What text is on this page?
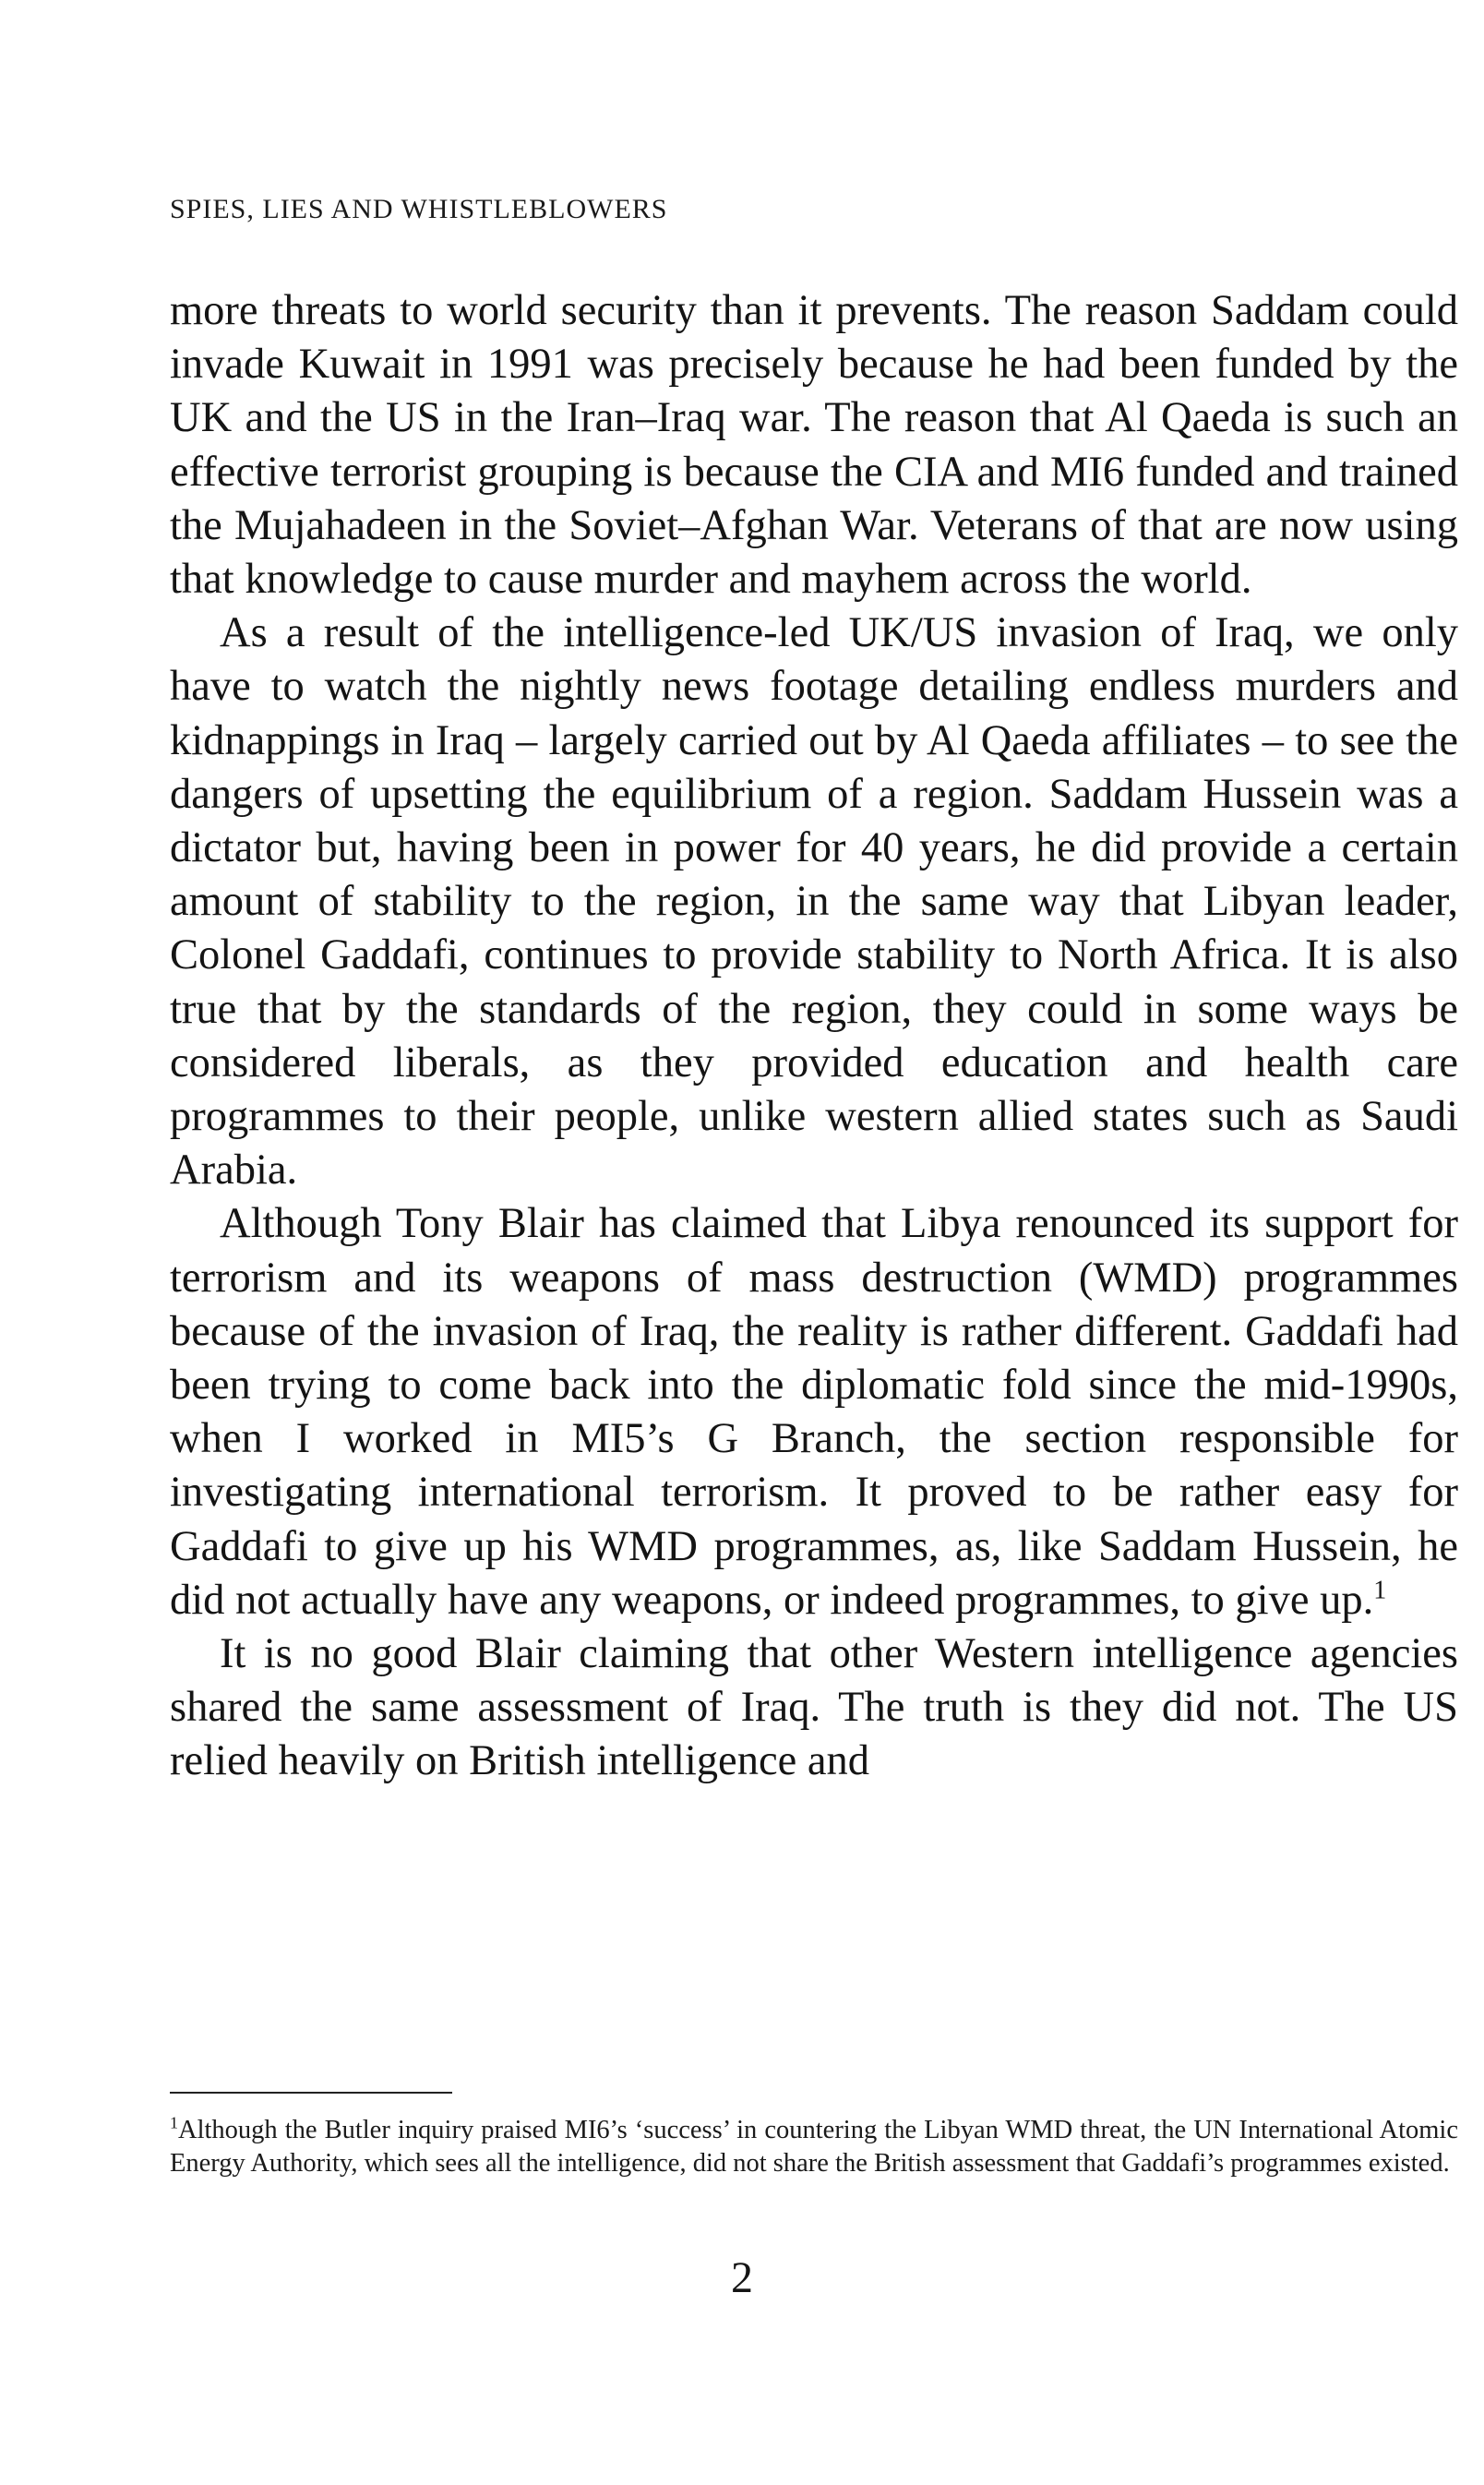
SPIES, LIES AND WHISTLEBLOWERS

more threats to world security than it prevents. The reason Saddam could invade Kuwait in 1991 was precisely because he had been funded by the UK and the US in the Iran–Iraq war. The reason that Al Qaeda is such an effective terrorist grouping is because the CIA and MI6 funded and trained the Mujahadeen in the Soviet–Afghan War. Veterans of that are now using that knowledge to cause murder and mayhem across the world.

As a result of the intelligence-led UK/US invasion of Iraq, we only have to watch the nightly news footage detailing endless murders and kidnappings in Iraq – largely carried out by Al Qaeda affiliates – to see the dangers of upsetting the equilibrium of a region. Saddam Hussein was a dictator but, having been in power for 40 years, he did provide a certain amount of stability to the region, in the same way that Libyan leader, Colonel Gaddafi, continues to provide stability to North Africa. It is also true that by the standards of the region, they could in some ways be considered liberals, as they provided education and health care programmes to their people, unlike western allied states such as Saudi Arabia.

Although Tony Blair has claimed that Libya renounced its support for terrorism and its weapons of mass destruction (WMD) programmes because of the invasion of Iraq, the reality is rather different. Gaddafi had been trying to come back into the diplomatic fold since the mid-1990s, when I worked in MI5’s G Branch, the section responsible for investigating international terrorism. It proved to be rather easy for Gaddafi to give up his WMD programmes, as, like Saddam Hussein, he did not actually have any weapons, or indeed programmes, to give up.$^1$

It is no good Blair claiming that other Western intelligence agencies shared the same assessment of Iraq. The truth is they did not. The US relied heavily on British intelligence and

$^1$Although the Butler inquiry praised MI6’s ‘success’ in countering the Libyan WMD threat, the UN International Atomic Energy Authority, which sees all the intelligence, did not share the British assessment that Gaddafi’s programmes existed.

2
